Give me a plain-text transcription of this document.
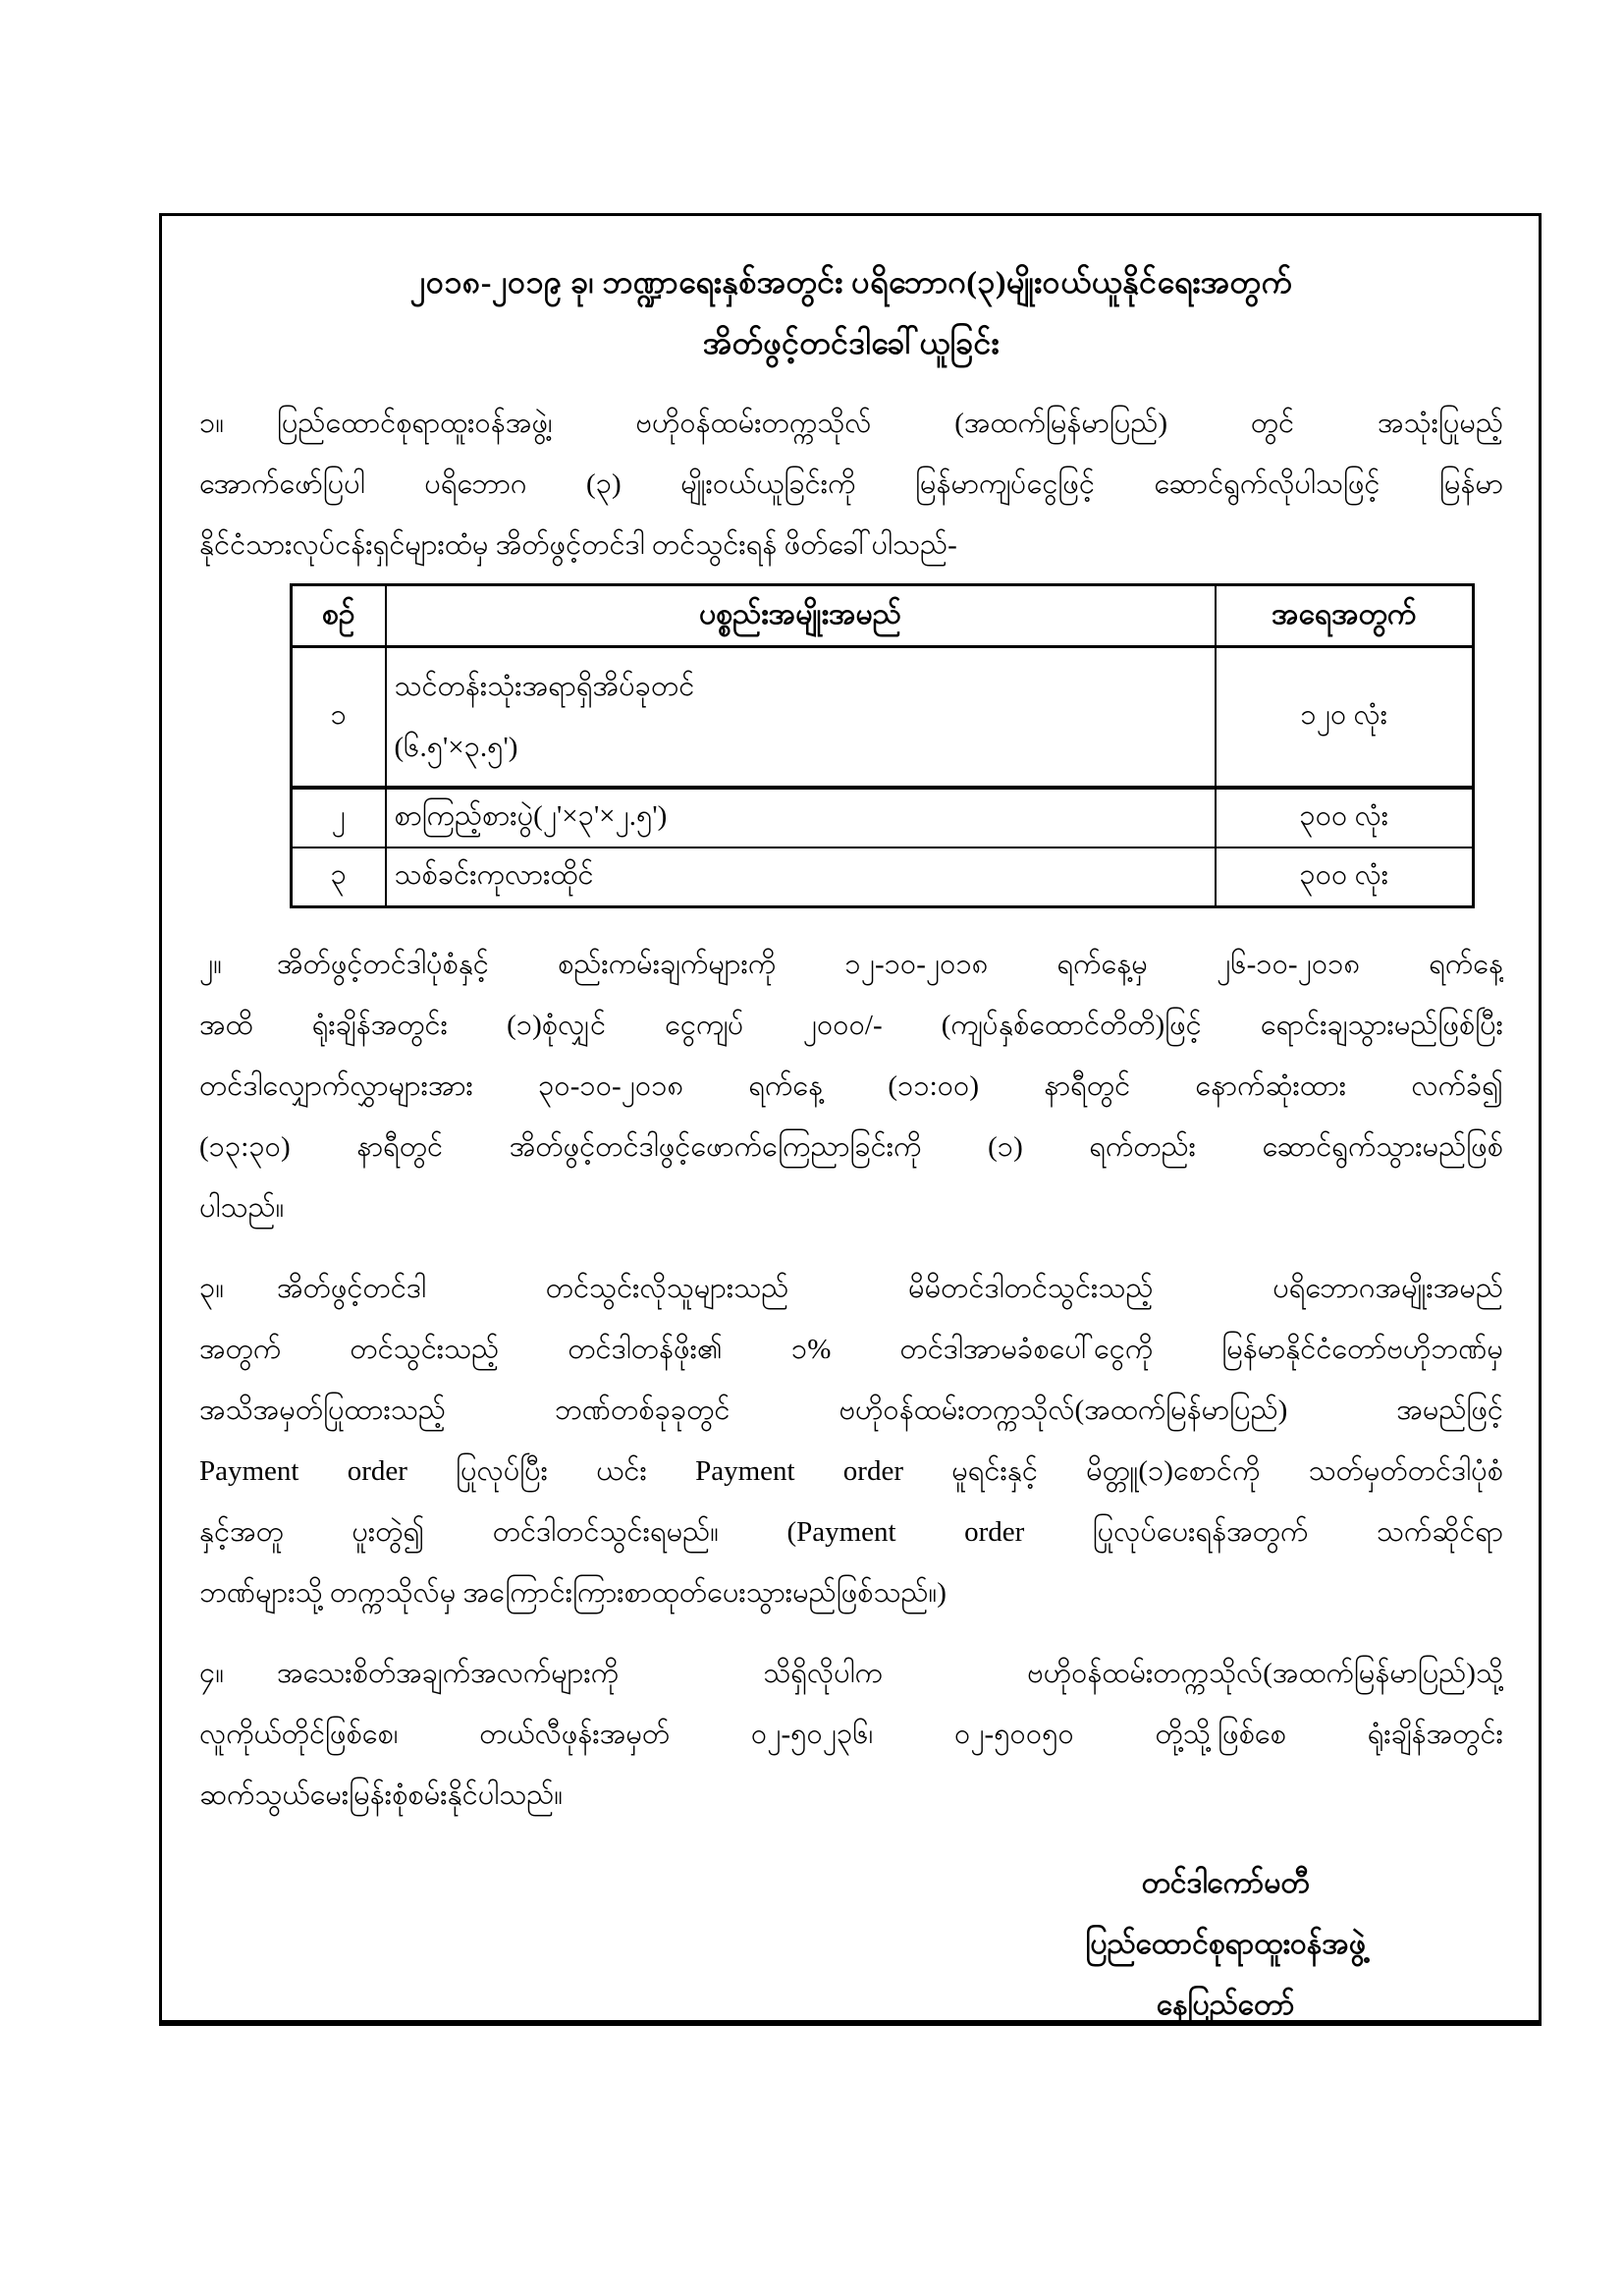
၂၀၁၈-၂၀၁၉ ခု၊ ဘဏ္ဍာရေးနှစ်အတွင်း ပရိဘောဂ(၃)မျိုးဝယ်ယူနိုင်ရေးအတွက်
အိတ်ဖွင့်တင်ဒါခေါ်ယူခြင်း
၁။ ပြည်ထောင်စုရာထူးဝန်အဖွဲ့၊ ဗဟိုဝန်ထမ်းတက္ကသိုလ် (အထက်မြန်မာပြည်) တွင် အသုံးပြုမည့်
အောက်ဖော်ပြပါ ပရိဘောဂ (၃) မျိုးဝယ်ယူခြင်းကို မြန်မာကျပ်ငွေဖြင့် ဆောင်ရွက်လိုပါသဖြင့် မြန်မာ
နိုင်ငံသားလုပ်ငန်းရှင်များထံမှ အိတ်ဖွင့်တင်ဒါ တင်သွင်းရန် ဖိတ်ခေါ်ပါသည်-
စဉ်	ပစ္စည်းအမျိုးအမည်	အရေအတွက်
၁	သင်တန်းသုံးအရာရှိအိပ်ခုတင်
(၆.၅'×၃.၅')	၁၂၀ လုံး
၂	စာကြည့်စားပွဲ(၂'×၃'×၂.၅')	၃၀၀ လုံး
၃	သစ်ခင်းကုလားထိုင်	၃၀၀ လုံး
၂။ အိတ်ဖွင့်တင်ဒါပုံစံနှင့် စည်းကမ်းချက်များကို ၁၂-၁၀-၂၀၁၈ ရက်နေ့မှ ၂၆-၁၀-၂၀၁၈ ရက်နေ့
အထိ ရုံးချိန်အတွင်း (၁)စုံလျှင် ငွေကျပ် ၂၀၀၀/- (ကျပ်နှစ်ထောင်တိတိ)ဖြင့် ရောင်းချသွားမည်ဖြစ်ပြီး
တင်ဒါလျှောက်လွှာများအား ၃၀-၁၀-၂၀၁၈ ရက်နေ့ (၁၁:၀၀) နာရီတွင် နောက်ဆုံးထား လက်ခံ၍
(၁၃:၃၀) နာရီတွင် အိတ်ဖွင့်တင်ဒါဖွင့်ဖောက်ကြေညာခြင်းကို (၁) ရက်တည်း ဆောင်ရွက်သွားမည်ဖြစ်
ပါသည်။
၃။ အိတ်ဖွင့်တင်ဒါ တင်သွင်းလိုသူများသည် မိမိတင်ဒါတင်သွင်းသည့် ပရိဘောဂအမျိုးအမည်
အတွက် တင်သွင်းသည့် တင်ဒါတန်ဖိုး၏ ၁% တင်ဒါအာမခံစပေါ်ငွေကို မြန်မာနိုင်ငံတော်ဗဟိုဘဏ်မှ
အသိအမှတ်ပြုထားသည့် ဘဏ်တစ်ခုခုတွင် ဗဟိုဝန်ထမ်းတက္ကသိုလ်(အထက်မြန်မာပြည်) အမည်ဖြင့်
Payment order ပြုလုပ်ပြီး ယင်း Payment order မူရင်းနှင့် မိတ္တူ(၁)စောင်ကို သတ်မှတ်တင်ဒါပုံစံ
နှင့်အတူ ပူးတွဲ၍ တင်ဒါတင်သွင်းရမည်။ (Payment order ပြုလုပ်ပေးရန်အတွက် သက်ဆိုင်ရာ
ဘဏ်များသို့ တက္ကသိုလ်မှ အကြောင်းကြားစာထုတ်ပေးသွားမည်ဖြစ်သည်။)
၄။ အသေးစိတ်အချက်အလက်များကို သိရှိလိုပါက ဗဟိုဝန်ထမ်းတက္ကသိုလ်(အထက်မြန်မာပြည်)သို့
လူကိုယ်တိုင်ဖြစ်စေ၊ တယ်လီဖုန်းအမှတ် ၀၂-၅၀၂၃၆၊ ၀၂-၅၀၀၅၀ တို့သို့ဖြစ်စေ ရုံးချိန်အတွင်း
ဆက်သွယ်မေးမြန်းစုံစမ်းနိုင်ပါသည်။
တင်ဒါကော်မတီ
ပြည်ထောင်စုရာထူးဝန်အဖွဲ့
နေပြည်တော်
